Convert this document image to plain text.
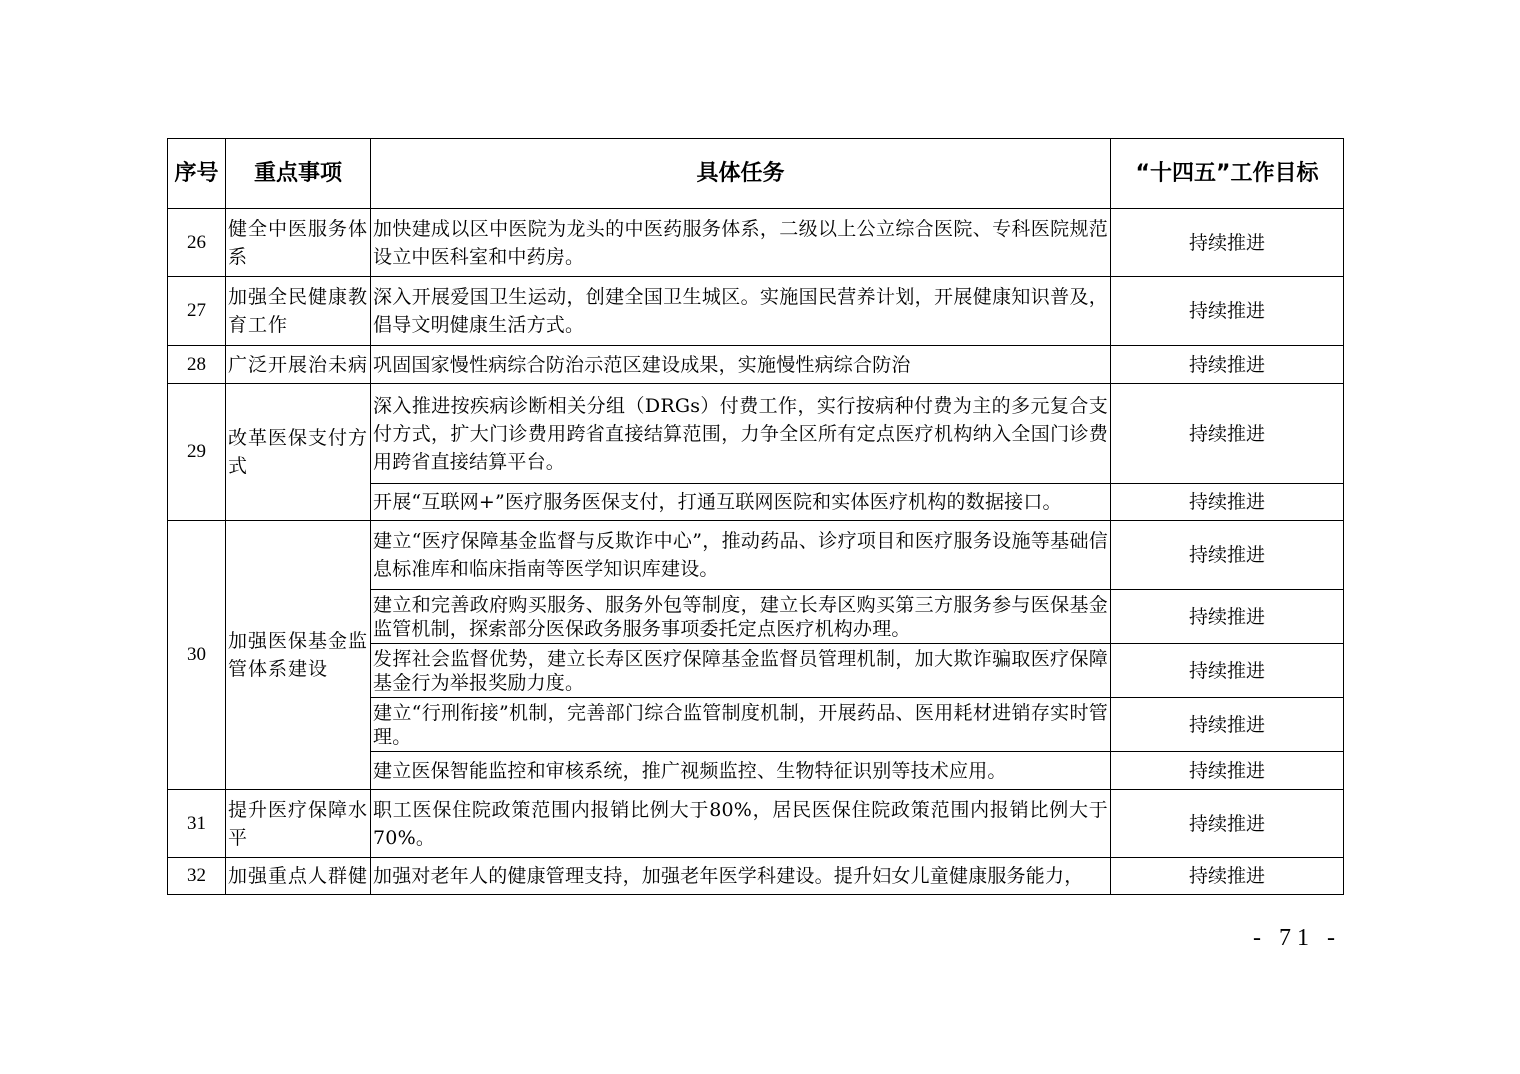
序号	重点事项	具体任务	“十四五”工作目标
26	健全中医服务体系	加快建成以区中医院为龙头的中医药服务体系，二级以上公立综合医院、专科医院规范设立中医科室和中药房。	持续推进
27	加强全民健康教育工作	深入开展爱国卫生运动，创建全国卫生城区。实施国民营养计划，开展健康知识普及，倡导文明健康生活方式。	持续推进
28	广泛开展治未病	巩固国家慢性病综合防治示范区建设成果，实施慢性病综合防治	持续推进
29	改革医保支付方式	深入推进按疾病诊断相关分组（DRGs）付费工作，实行按病种付费为主的多元复合支付方式，扩大门诊费用跨省直接结算范围，力争全区所有定点医疗机构纳入全国门诊费用跨省直接结算平台。	持续推进
		开展“互联网+”医疗服务医保支付，打通互联网医院和实体医疗机构的数据接口。	持续推进
30	加强医保基金监管体系建设	建立“医疗保障基金监督与反欺诈中心”，推动药品、诊疗项目和医疗服务设施等基础信息标准库和临床指南等医学知识库建设。	持续推进
		建立和完善政府购买服务、服务外包等制度，建立长寿区购买第三方服务参与医保基金监管机制，探索部分医保政务服务事项委托定点医疗机构办理。	持续推进
		发挥社会监督优势，建立长寿区医疗保障基金监督员管理机制，加大欺诈骗取医疗保障基金行为举报奖励力度。	持续推进
		建立“行刑衔接”机制，完善部门综合监管制度机制，开展药品、医用耗材进销存实时管理。	持续推进
		建立医保智能监控和审核系统，推广视频监控、生物特征识别等技术应用。	持续推进
31	提升医疗保障水平	职工医保住院政策范围内报销比例大于80%，居民医保住院政策范围内报销比例大于70%。	持续推进
32	加强重点人群健	加强对老年人的健康管理支持，加强老年医学科建设。提升妇女儿童健康服务能力，	持续推进
- 71 -
